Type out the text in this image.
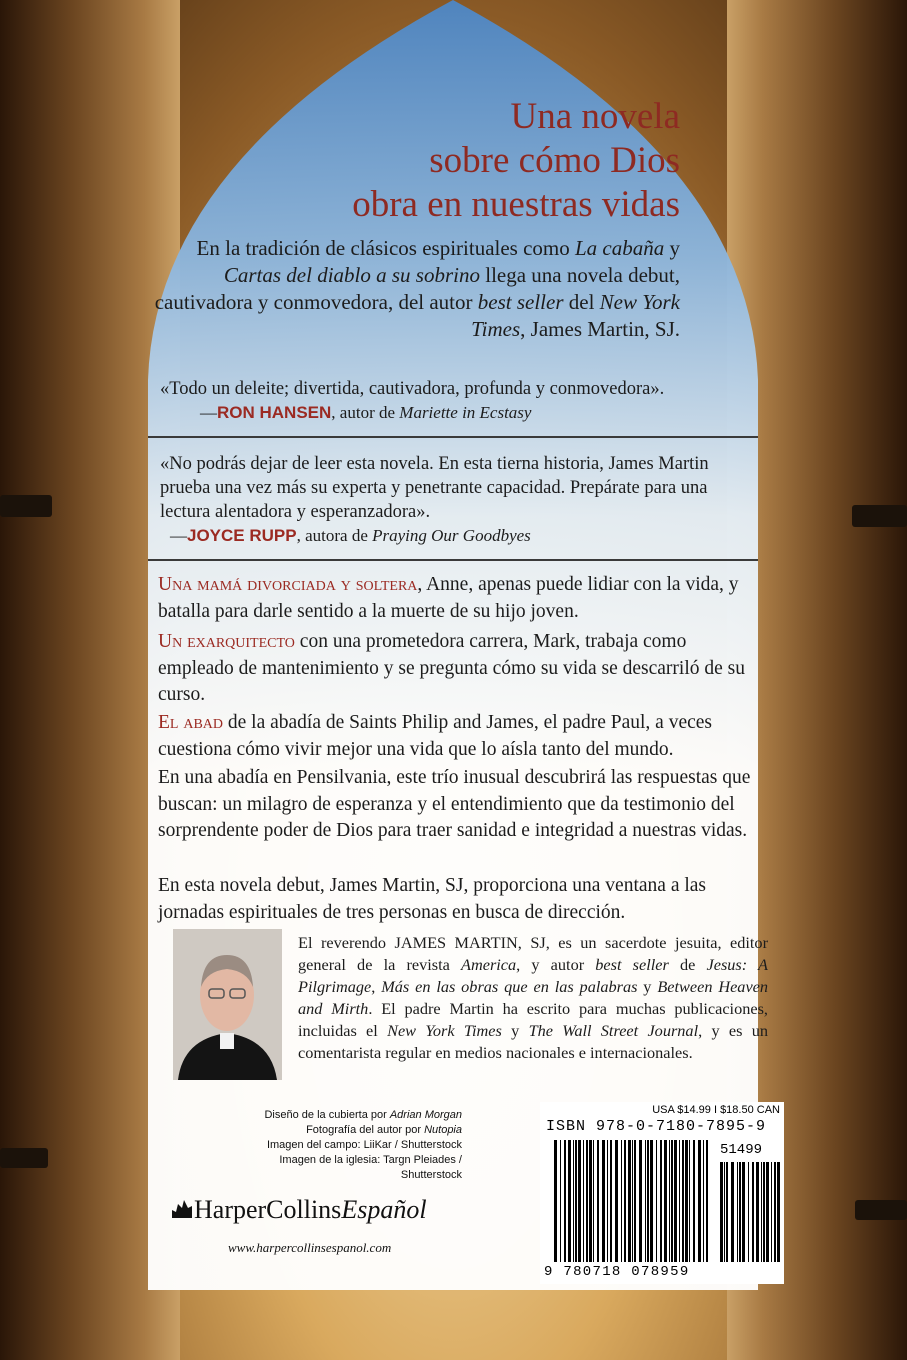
Una novela
sobre cómo Dios
obra en nuestras vidas
En la tradición de clásicos espirituales como La cabaña y Cartas del diablo a su sobrino llega una novela debut, cautivadora y conmovedora, del autor best seller del New York Times, James Martin, SJ.
«Todo un deleite; divertida, cautivadora, profunda y conmovedora».
—RON HANSEN, autor de Mariette in Ecstasy
«No podrás dejar de leer esta novela. En esta tierna historia, James Martin prueba una vez más su experta y penetrante capacidad. Prepárate para una lectura alentadora y esperanzadora».
—JOYCE RUPP, autora de Praying Our Goodbyes
Una mamá divorciada y soltera, Anne, apenas puede lidiar con la vida, y batalla para darle sentido a la muerte de su hijo joven.
Un exarquitecto con una prometedora carrera, Mark, trabaja como empleado de mantenimiento y se pregunta cómo su vida se descarriló de su curso.
El abad de la abadía de Saints Philip and James, el padre Paul, a veces cuestiona cómo vivir mejor una vida que lo aísla tanto del mundo.
En una abadía en Pensilvania, este trío inusual descubrirá las respuestas que buscan: un milagro de esperanza y el entendimiento que da testimonio del sorprendente poder de Dios para traer sanidad e integridad a nuestras vidas.
En esta novela debut, James Martin, SJ, proporciona una ventana a las jornadas espirituales de tres personas en busca de dirección.
El reverendo JAMES MARTIN, SJ, es un sacerdote jesuita, editor general de la revista America, y autor best seller de Jesus: A Pilgrimage, Más en las obras que en las palabras y Between Heaven and Mirth. El padre Martin ha escrito para muchas publicaciones, incluidas el New York Times y The Wall Street Journal, y es un comentarista regular en medios nacionales e internacionales.
Diseño de la cubierta por Adrian Morgan
Fotografía del autor por Nutopia
Imagen del campo: LiiKar / Shutterstock
Imagen de la iglesia: Targn Pleiades / Shutterstock
HarperCollinsEspañol
www.harpercollinsespanol.com
USA $14.99 I $18.50 CAN
ISBN 978-0-7180-7895-9
51499
9 780718 078959
